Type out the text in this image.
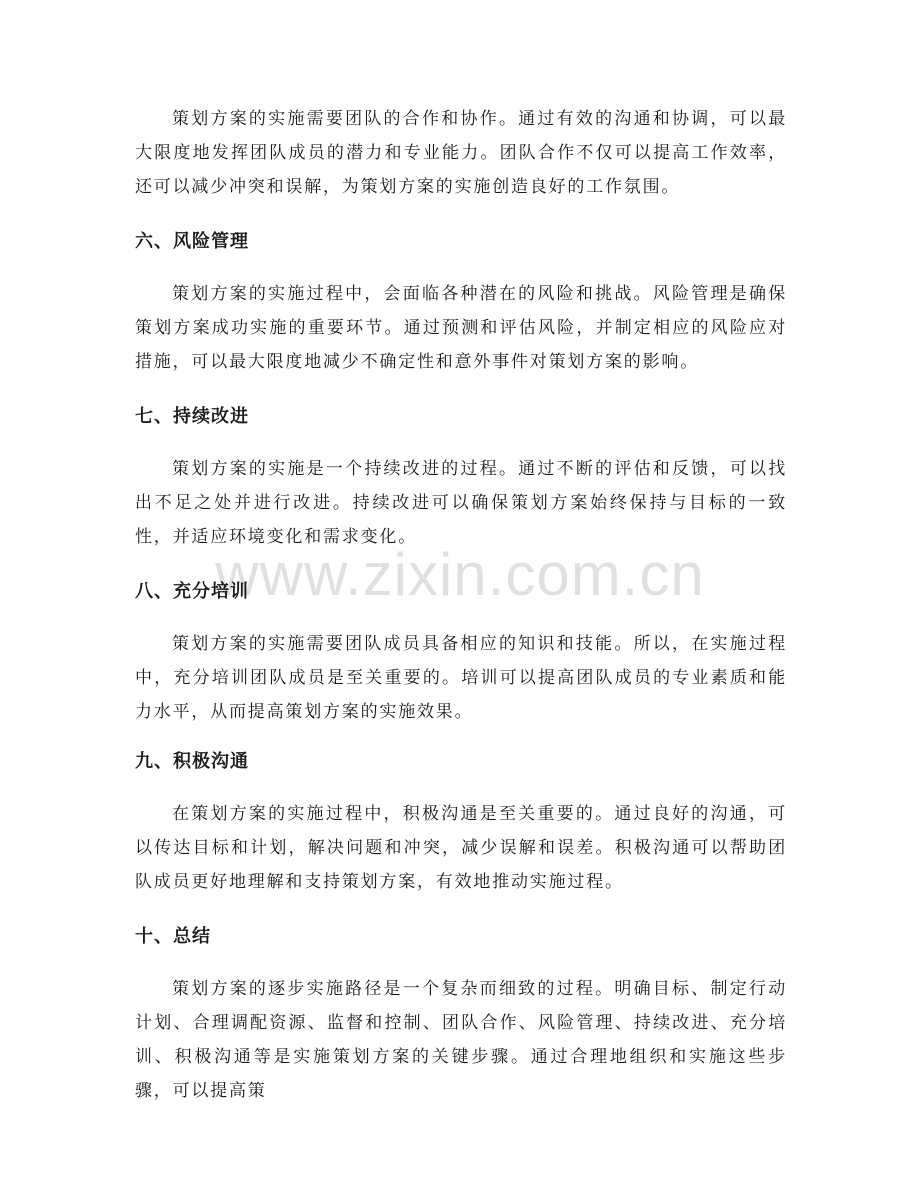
策划方案的实施需要团队的合作和协作。通过有效的沟通和协调，可以最大限度地发挥团队成员的潜力和专业能力。团队合作不仅可以提高工作效率，还可以减少冲突和误解，为策划方案的实施创造良好的工作氛围。

六、风险管理

策划方案的实施过程中，会面临各种潜在的风险和挑战。风险管理是确保策划方案成功实施的重要环节。通过预测和评估风险，并制定相应的风险应对措施，可以最大限度地减少不确定性和意外事件对策划方案的影响。

七、持续改进

策划方案的实施是一个持续改进的过程。通过不断的评估和反馈，可以找出不足之处并进行改进。持续改进可以确保策划方案始终保持与目标的一致性，并适应环境变化和需求变化。

八、充分培训

策划方案的实施需要团队成员具备相应的知识和技能。所以，在实施过程中，充分培训团队成员是至关重要的。培训可以提高团队成员的专业素质和能力水平，从而提高策划方案的实施效果。

九、积极沟通

在策划方案的实施过程中，积极沟通是至关重要的。通过良好的沟通，可以传达目标和计划，解决问题和冲突，减少误解和误差。积极沟通可以帮助团队成员更好地理解和支持策划方案，有效地推动实施过程。

十、总结

策划方案的逐步实施路径是一个复杂而细致的过程。明确目标、制定行动计划、合理调配资源、监督和控制、团队合作、风险管理、持续改进、充分培训、积极沟通等是实施策划方案的关键步骤。通过合理地组织和实施这些步骤，可以提高策

www.zixin.com.cn
